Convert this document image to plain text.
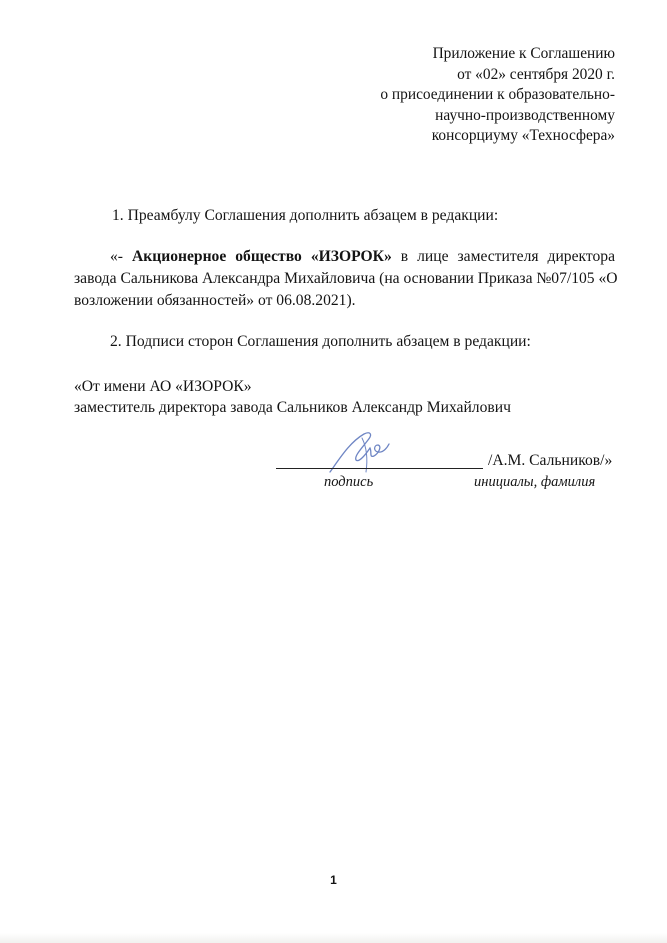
Приложение к Соглашению
от «02» сентября 2020 г.
о присоединении к образовательно-
научно-производственному
консорциуму «Техносфера»
1. Преамбулу Соглашения дополнить абзацем в редакции:
«- Акционерное общество «ИЗОРОК» в лице заместителя директора
завода Сальникова Александра Михайловича (на основании Приказа №07/105 «О
возложении обязанностей» от 06.08.2021).
2. Подписи сторон Соглашения дополнить абзацем в редакции:
«От имени АО «ИЗОРОК»
заместитель директора завода Сальников Александр Михайлович
/А.М. Сальников/»
подпись	инициалы, фамилия
1
